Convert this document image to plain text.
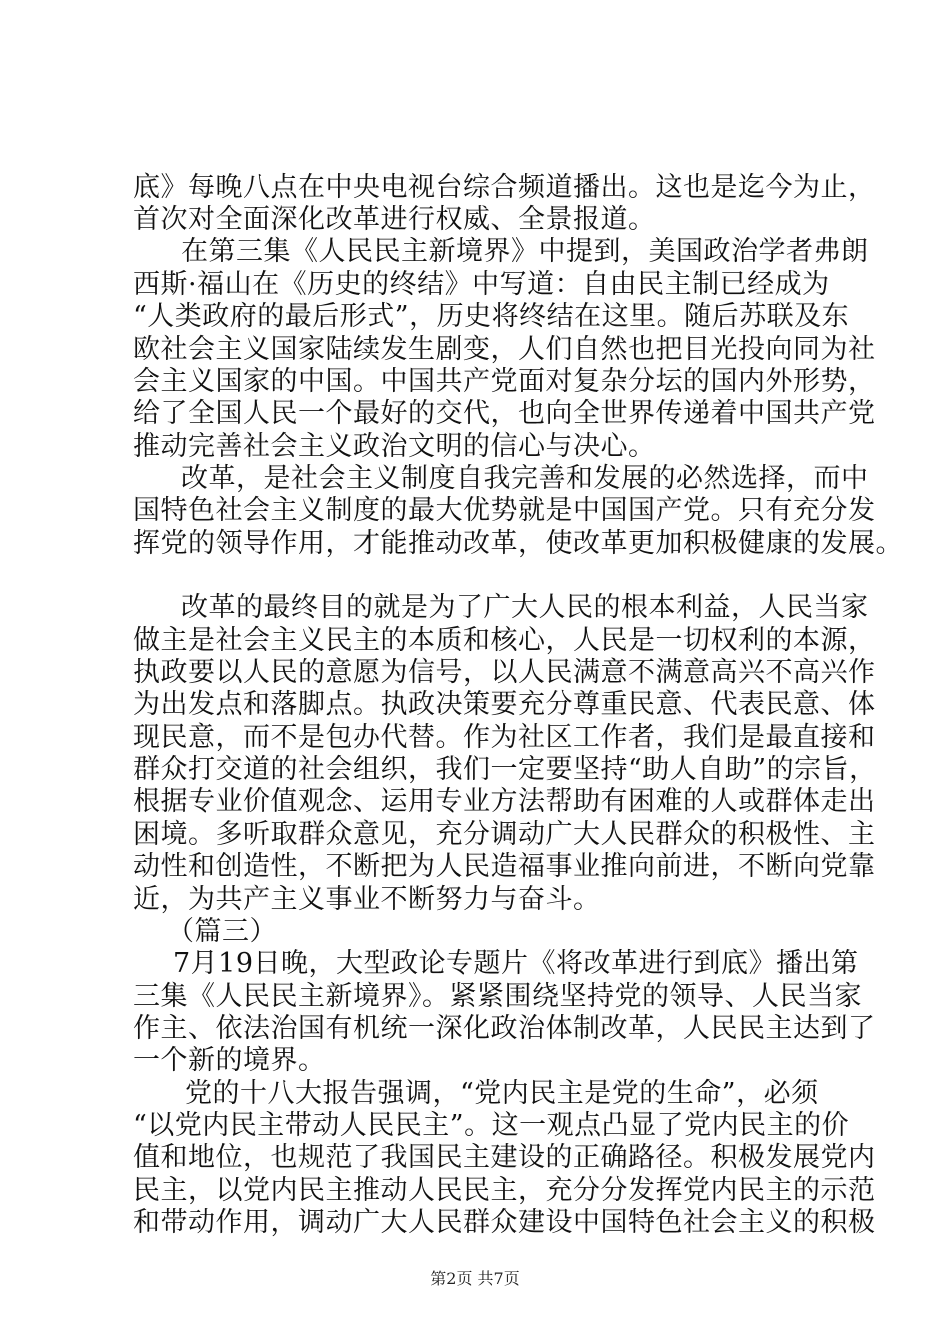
底》每晚八点在中央电视台综合频道播出。这也是迄今为止，
首次对全面深化改革进行权威、全景报道。
在第三集《人民民主新境界》中提到，美国政治学者弗朗
西斯·福山在《历史的终结》中写道：自由民主制已经成为
“人类政府的最后形式”，历史将终结在这里。随后苏联及东
欧社会主义国家陆续发生剧变，人们自然也把目光投向同为社
会主义国家的中国。中国共产党面对复杂分坛的国内外形势，
给了全国人民一个最好的交代，也向全世界传递着中国共产党
推动完善社会主义政治文明的信心与决心。
改革，是社会主义制度自我完善和发展的必然选择，而中
国特色社会主义制度的最大优势就是中国国产党。只有充分发
挥党的领导作用，才能推动改革，使改革更加积极健康的发展。
改革的最终目的就是为了广大人民的根本利益，人民当家
做主是社会主义民主的本质和核心，人民是一切权利的本源，
执政要以人民的意愿为信号，以人民满意不满意高兴不高兴作
为出发点和落脚点。执政决策要充分尊重民意、代表民意、体
现民意，而不是包办代替。作为社区工作者，我们是最直接和
群众打交道的社会组织，我们一定要坚持“助人自助”的宗旨，
根据专业价值观念、运用专业方法帮助有困难的人或群体走出
困境。多听取群众意见，充分调动广大人民群众的积极性、主
动性和创造性，不断把为人民造福事业推向前进，不断向党靠
近，为共产主义事业不断努力与奋斗。
（篇三）
7月19日晚，大型政论专题片《将改革进行到底》播出第
三集《人民民主新境界》。紧紧围绕坚持党的领导、人民当家
作主、依法治国有机统一深化政治体制改革，人民民主达到了
一个新的境界。
党的十八大报告强调，“党内民主是党的生命”，必须
“以党内民主带动人民民主”。这一观点凸显了党内民主的价
值和地位，也规范了我国民主建设的正确路径。积极发展党内
民主，以党内民主推动人民民主，充分分发挥党内民主的示范
和带动作用，调动广大人民群众建设中国特色社会主义的积极
第2页 共7页
